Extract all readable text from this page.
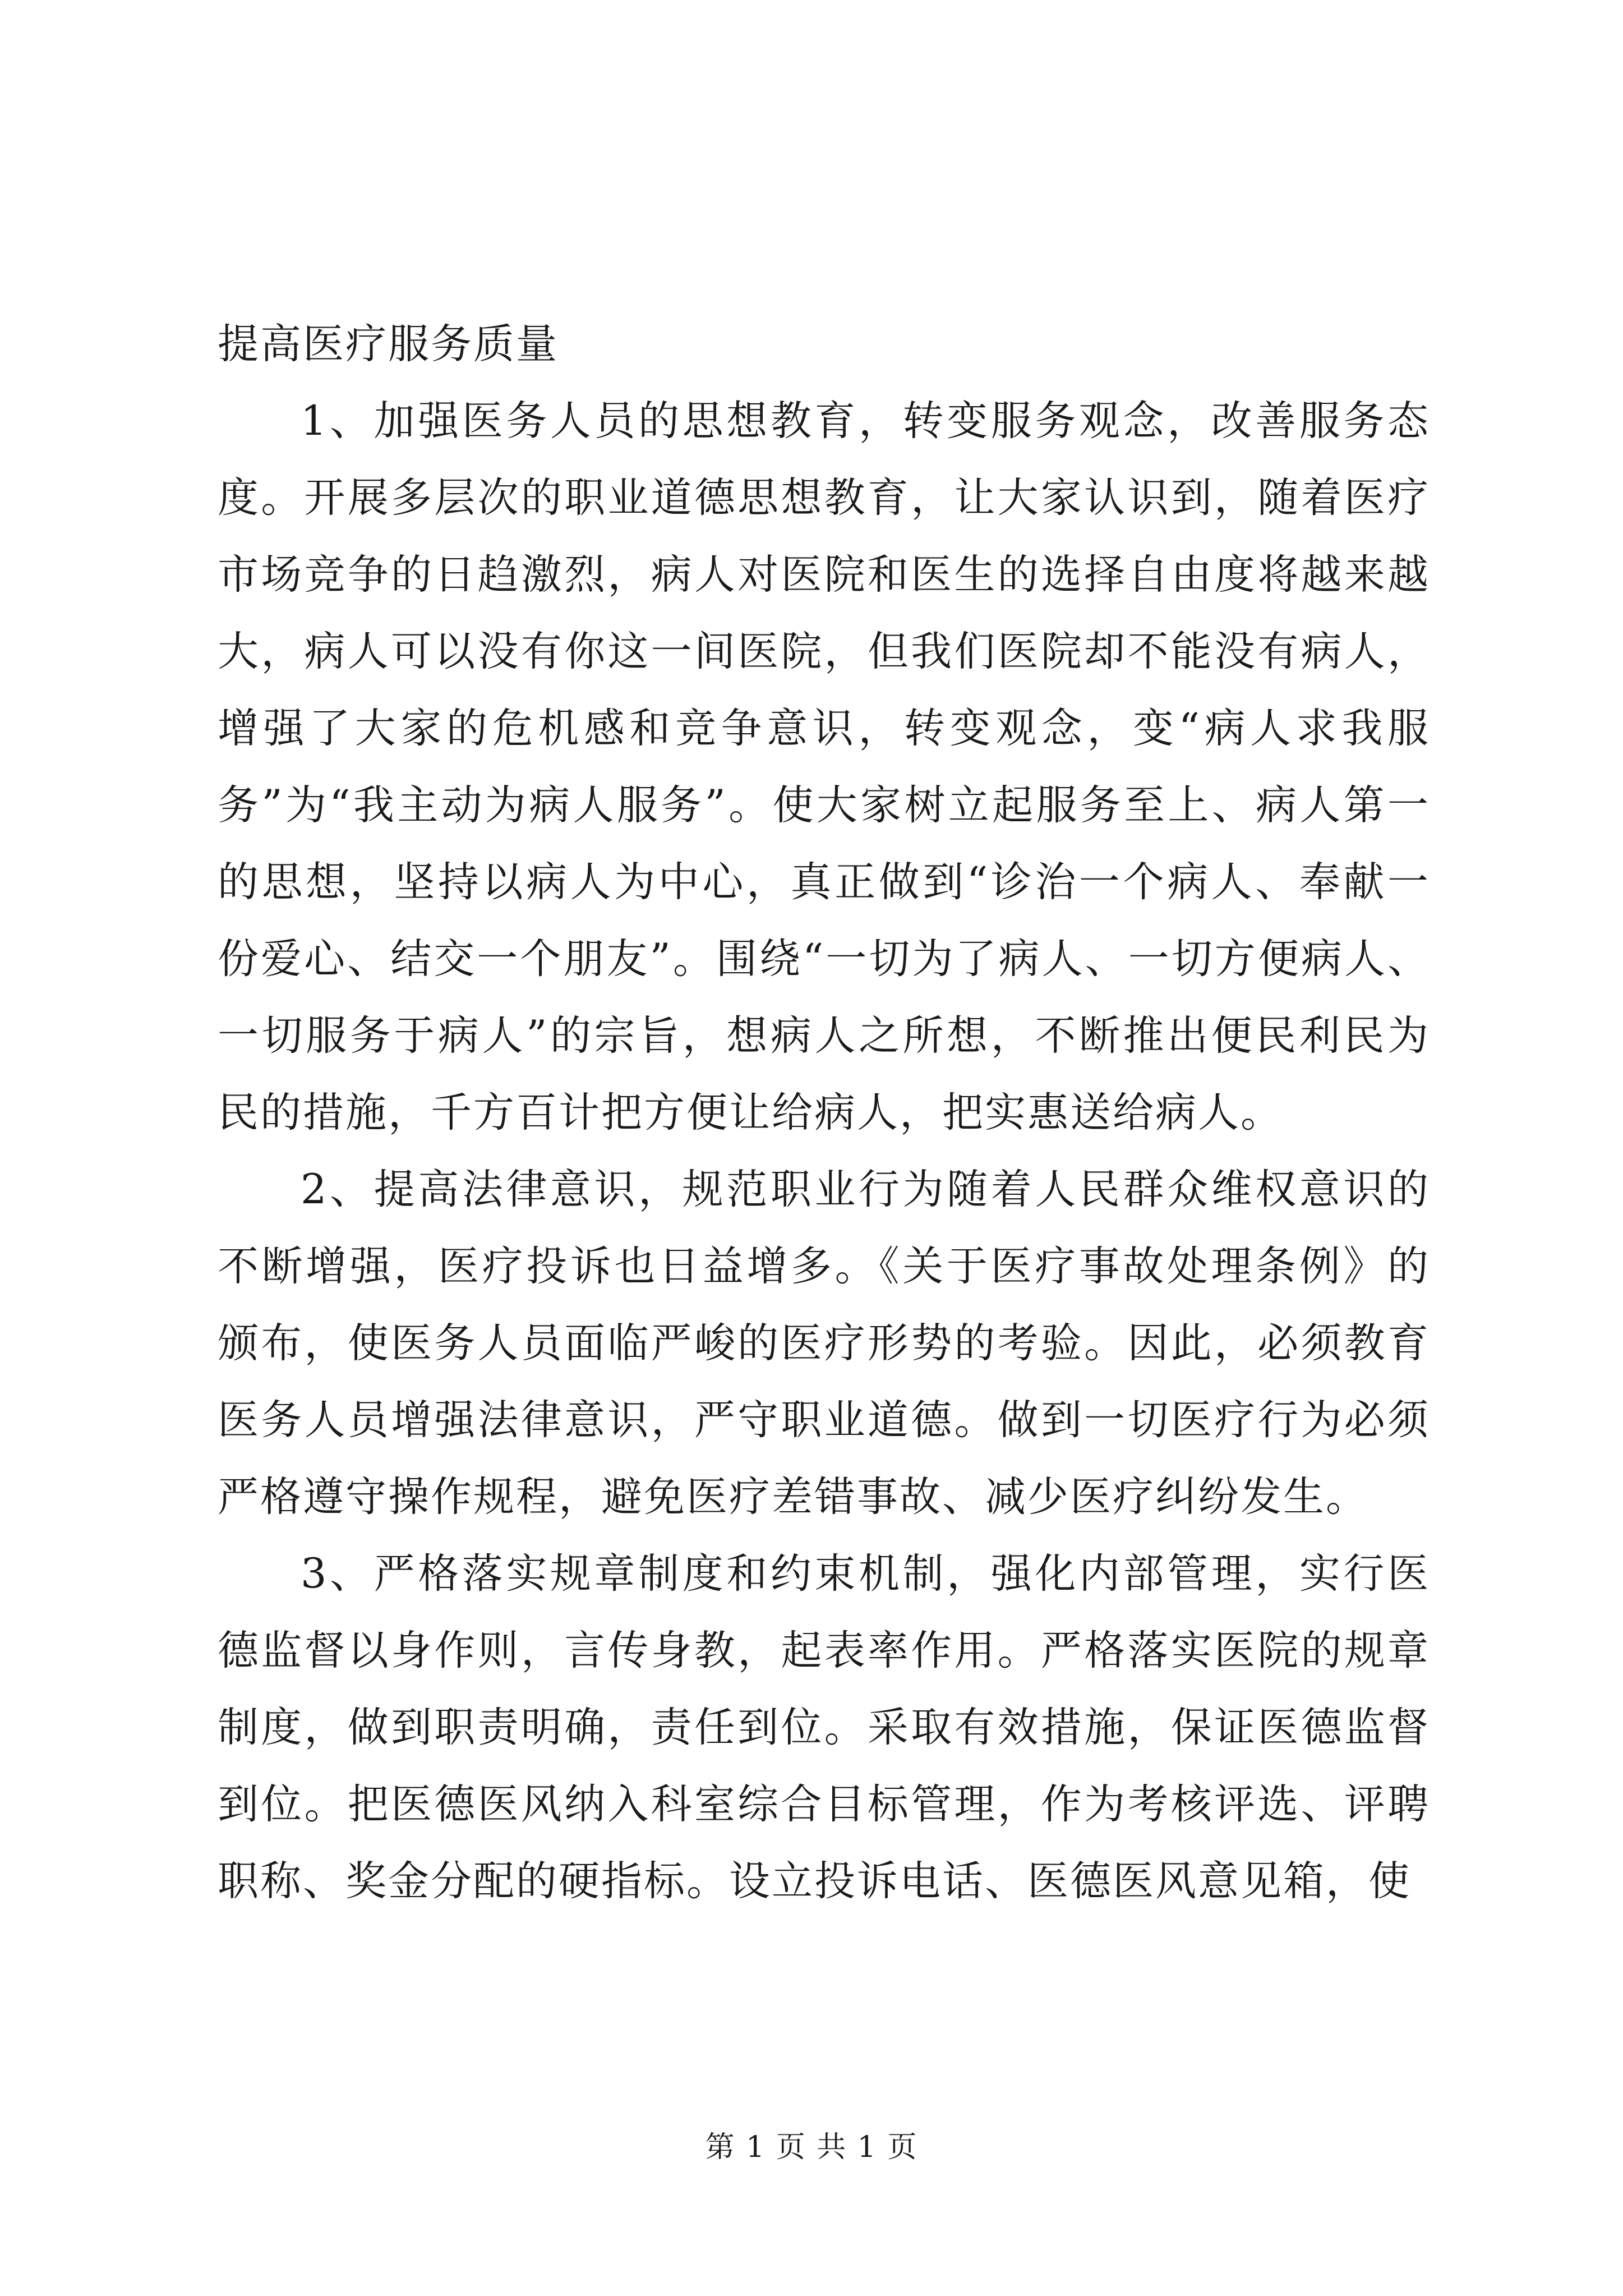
提高医疗服务质量

1、加强医务人员的思想教育，转变服务观念，改善服务态度。开展多层次的职业道德思想教育，让大家认识到，随着医疗市场竞争的日趋激烈，病人对医院和医生的选择自由度将越来越大，病人可以没有你这一间医院，但我们医院却不能没有病人，增强了大家的危机感和竞争意识，转变观念，变“病人求我服务”为“我主动为病人服务”。使大家树立起服务至上、病人第一的思想，坚持以病人为中心，真正做到“诊治一个病人、奉献一份爱心、结交一个朋友”。围绕“一切为了病人、一切方便病人、一切服务于病人”的宗旨，想病人之所想，不断推出便民利民为民的措施，千方百计把方便让给病人，把实惠送给病人。

2、提高法律意识，规范职业行为随着人民群众维权意识的不断增强，医疗投诉也日益增多。《关于医疗事故处理条例》的颁布，使医务人员面临严峻的医疗形势的考验。因此，必须教育医务人员增强法律意识，严守职业道德。做到一切医疗行为必须严格遵守操作规程，避免医疗差错事故、减少医疗纠纷发生。

3、严格落实规章制度和约束机制，强化内部管理，实行医德监督以身作则，言传身教，起表率作用。严格落实医院的规章制度，做到职责明确，责任到位。采取有效措施，保证医德监督到位。把医德医风纳入科室综合目标管理，作为考核评选、评聘职称、奖金分配的硬指标。设立投诉电话、医德医风意见箱，使

第 1 页 共 1 页
